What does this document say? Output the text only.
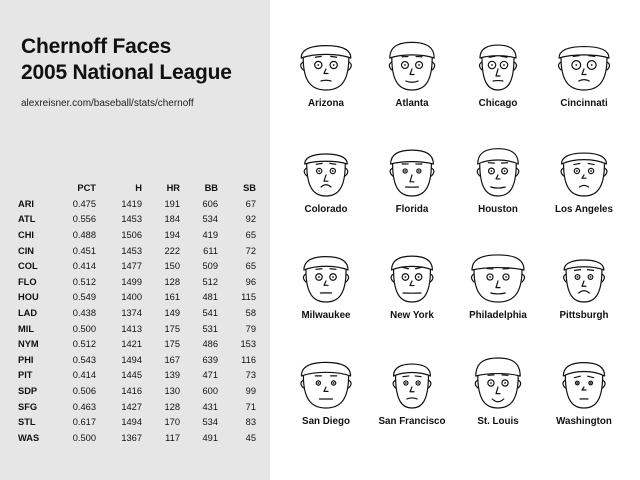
Chernoff Faces
2005 National League
alexreisner.com/baseball/stats/chernoff
	PCT	H	HR	BB	SB
ARI	0.475	1419	191	606	67
ATL	0.556	1453	184	534	92
CHI	0.488	1506	194	419	65
CIN	0.451	1453	222	611	72
COL	0.414	1477	150	509	65
FLO	0.512	1499	128	512	96
HOU	0.549	1400	161	481	115
LAD	0.438	1374	149	541	58
MIL	0.500	1413	175	531	79
NYM	0.512	1421	175	486	153
PHI	0.543	1494	167	639	116
PIT	0.414	1445	139	471	73
SDP	0.506	1416	130	600	99
SFG	0.463	1427	128	431	71
STL	0.617	1494	170	534	83
WAS	0.500	1367	117	491	45
Arizona	Atlanta	Chicago	Cincinnati
Colorado	Florida	Houston	Los Angeles
Milwaukee	New York	Philadelphia	Pittsburgh
San Diego	San Francisco	St. Louis	Washington
